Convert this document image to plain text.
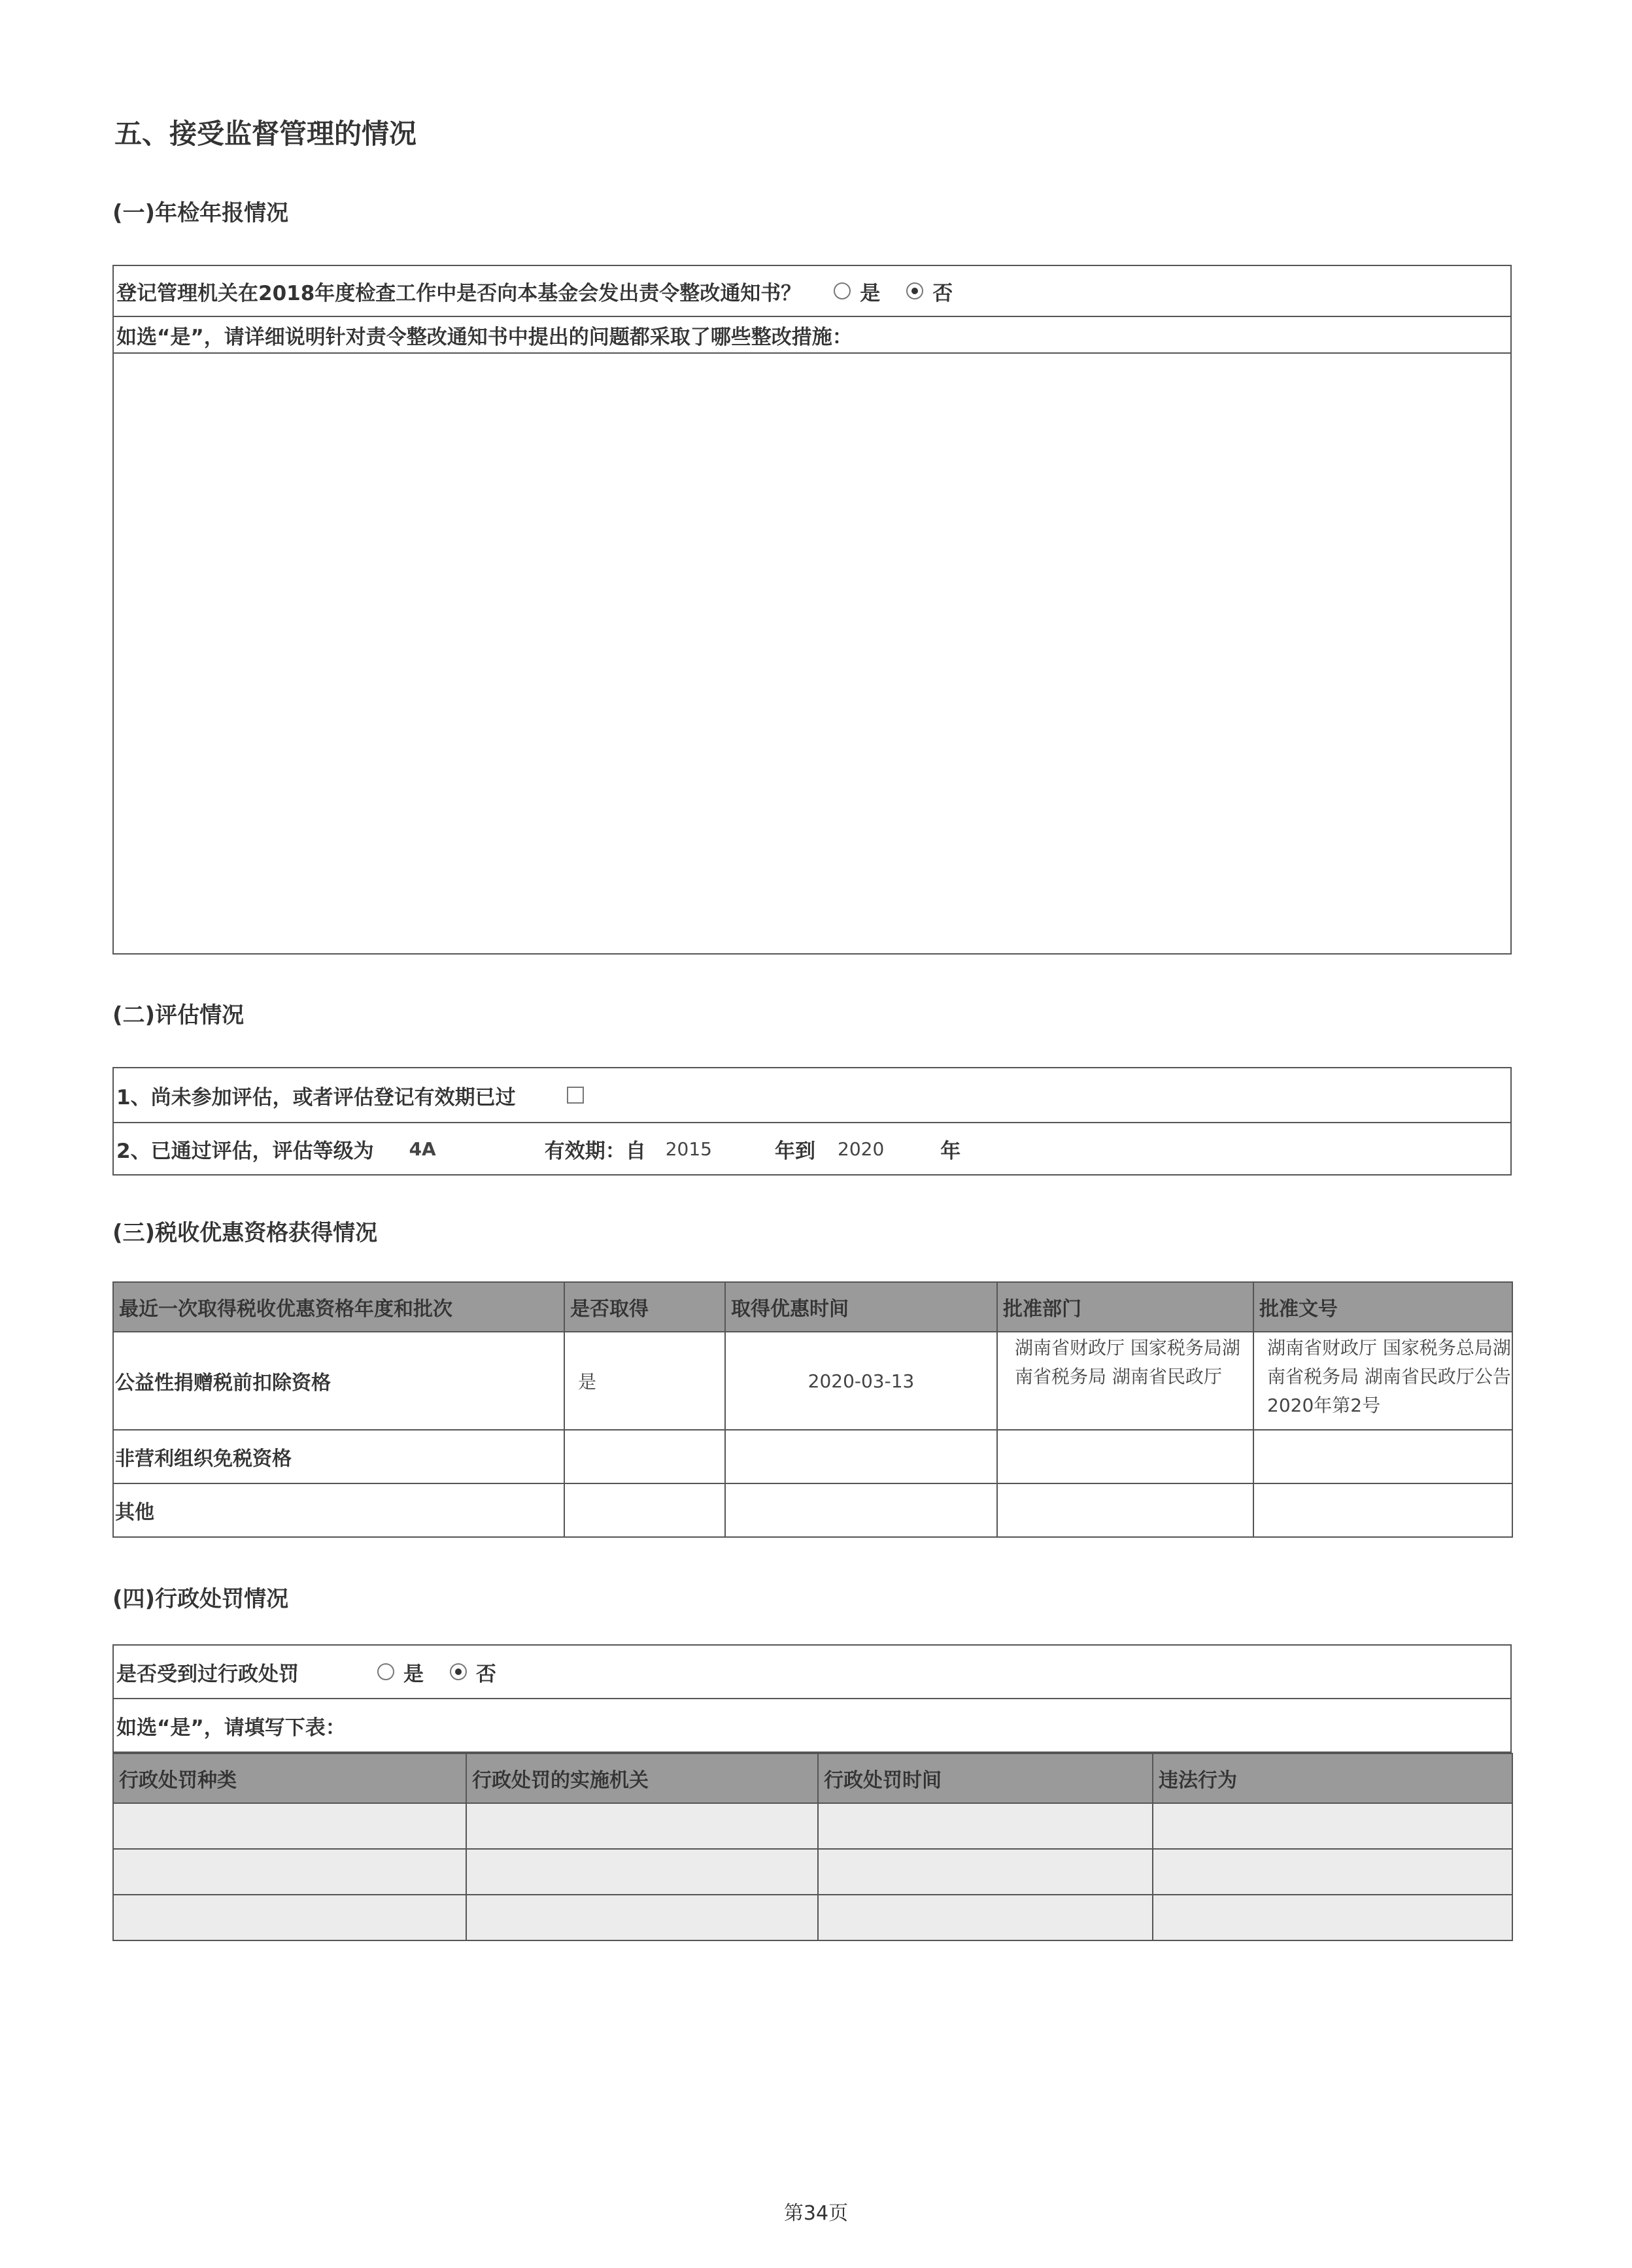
五、接受监督管理的情况
(一)年检年报情况
登记管理机关在2018年度检查工作中是否向本基金会发出责令整改通知书？	是	否
如选“是”，请详细说明针对责令整改通知书中提出的问题都采取了哪些整改措施：
(二)评估情况
1、尚未参加评估，或者评估登记有效期已过
2、已通过评估，评估等级为 4A	有效期：自 2015	年到 2020	年
(三)税收优惠资格获得情况
最近一次取得税收优惠资格年度和批次	是否取得	取得优惠时间	批准部门	批准文号
公益性捐赠税前扣除资格	是	2020-03-13	湖南省财政厅 国家税务局湖南省税务局 湖南省民政厅	湖南省财政厅 国家税务总局湖南省税务局 湖南省民政厅公告2020年第2号
非营利组织免税资格				
其他				
(四)行政处罚情况
是否受到过行政处罚	是	否
如选“是”，请填写下表：
行政处罚种类	行政处罚的实施机关	行政处罚时间	违法行为

第34页
